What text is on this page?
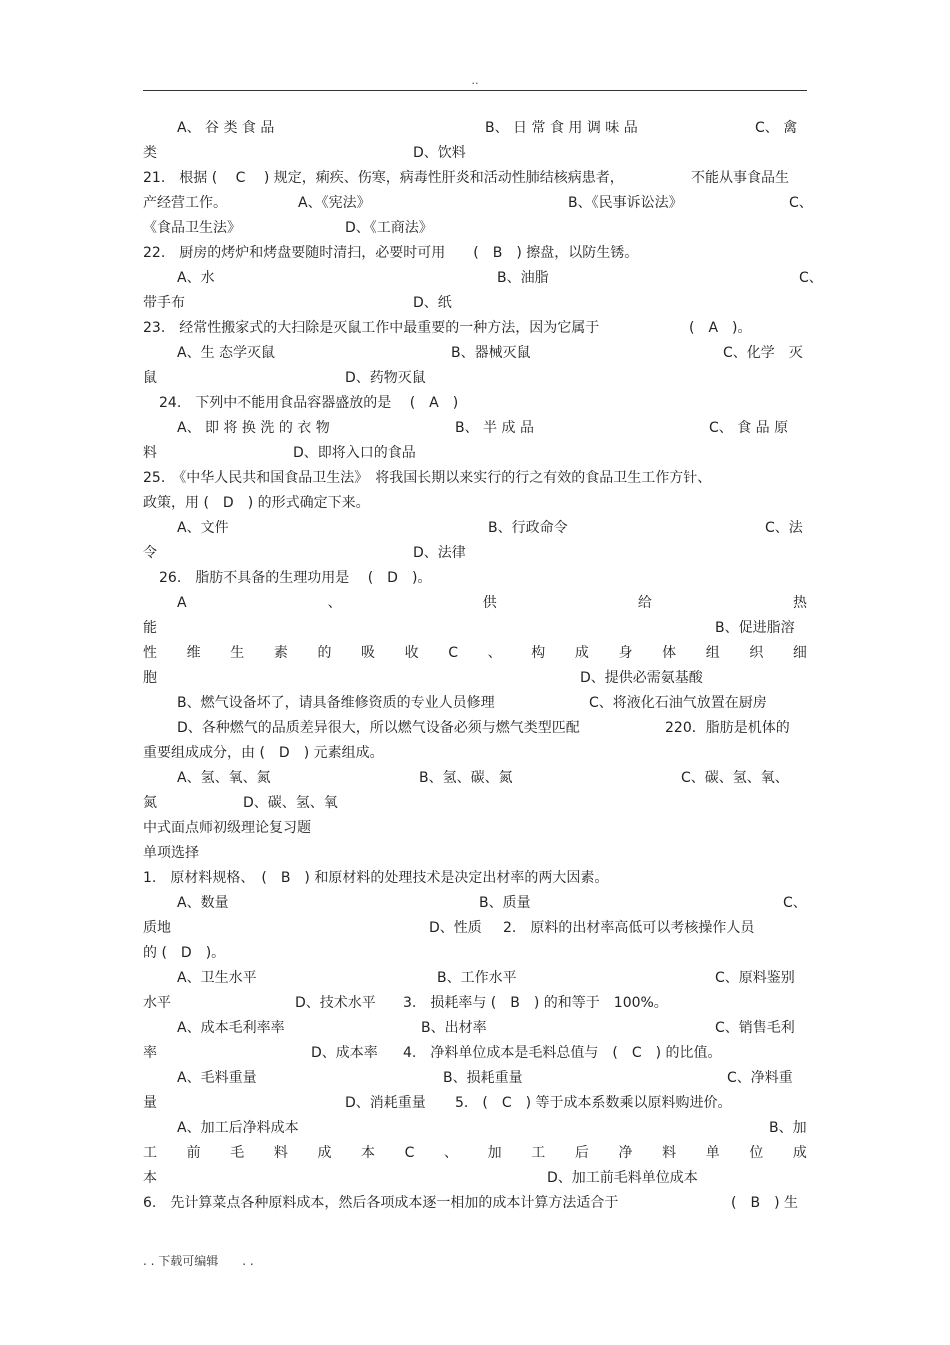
..
A、 谷 类 食 品	B、 日 常 食 用 调 味 品	C、 禽
类	D、饮料
21.　根据 ( 　C　 ) 规定，痢疾、伤寒，病毒性肝炎和活动性肺结核病患者，	不能从事食品生
产经营工作。	A、《宪法》	B、《民事诉讼法》	C、
《食品卫生法》	D、《工商法》
22.　厨房的烤炉和烤盘要随时清扫，必要时可用　　(　B　) 擦盘，以防生锈。
A、水	B、油脂	C、
带手布	D、纸
23.　经常性搬家式的大扫除是灭鼠工作中最重要的一种方法，因为它属于	(　A　)。
A、生 态学灭鼠	B、器械灭鼠	C、化学　灭
鼠	D、药物灭鼠
24.　下列中不能用食品容器盛放的是　 (　A　)
A、 即 将 换 洗 的 衣 物	B、 半 成 品	C、 食 品 原
料	D、即将入口的食品
25.　《中华人民共和国食品卫生法》　将我国长期以来实行的行之有效的食品卫生工作方针、
政策，用 (　D　) 的形式确定下来。
A、文件	B、行政命令	C、法
令	D、法律
26.　脂肪不具备的生理功用是　 (　D　)。
A	、	供	给	热
能	B、促进脂溶
性 维 生 素 的 吸 收 C 、 构 成 身 体 组 织 细
胞	D、提供必需氨基酸
B、燃气设备坏了，请具备维修资质的专业人员修理	C、将液化石油气放置在厨房
D、各种燃气的品质差异很大，所以燃气设备必须与燃气类型匹配	220．脂肪是机体的
重要组成成分，由 (　D　) 元素组成。
A、氢、氧、氮	B、氢、碳、氮	C、碳、氢、氧、
氮	D、碳、氢、氧
中式面点师初级理论复习题
单项选择
1.　原材料规格、　(　B　) 和原材料的处理技术是决定出材率的两大因素。
A、数量	B、质量	C、
质地	D、性质 2.　原料的出材率高低可以考核操作人员
的 (　D　)。
A、卫生水平	B、工作水平	C、原料鉴别
水平	D、技术水平 3.　损耗率与 (　B　) 的和等于　100%。
A、成本毛利率率	B、出材率	C、销售毛利
率	D、成本率 4.　净料单位成本是毛料总值与　(　C　) 的比值。
A、毛料重量	B、损耗重量	C、净料重
量	D、消耗重量 5.　(　C　) 等于成本系数乘以原料购进价。
A、加工后净料成本	B、加
工 前 毛 料 成 本 C 、 加 工 后 净 料 单 位 成
本	D、加工前毛料单位成本
6.　先计算菜点各种原料成本，然后各项成本逐一相加的成本计算方法适合于	(　B　) 生
. . 下载可编辑　　. .
